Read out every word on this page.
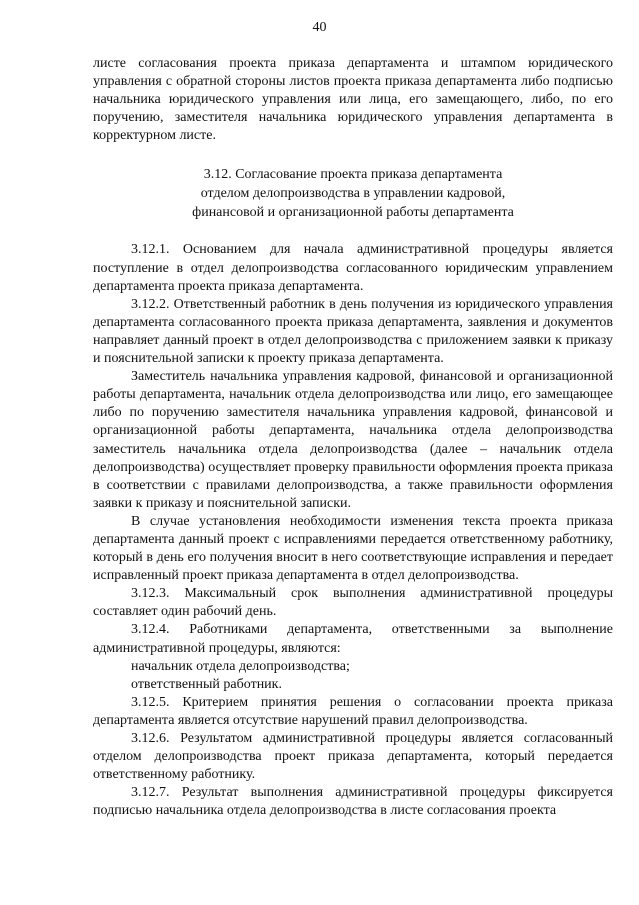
40

листе согласования проекта приказа департамента и штампом юридического управления с обратной стороны листов проекта приказа департамента либо подписью начальника юридического управления или лица, его замещающего, либо, по его поручению, заместителя начальника юридического управления департамента в корректурном листе.

3.12. Согласование проекта приказа департамента
отделом делопроизводства в управлении кадровой,
финансовой и организационной работы департамента

3.12.1. Основанием для начала административной процедуры является поступление в отдел делопроизводства согласованного юридическим управлением департамента проекта приказа департамента.

3.12.2. Ответственный работник в день получения из юридического управления департамента согласованного проекта приказа департамента, заявления и документов направляет данный проект в отдел делопроизводства с приложением заявки к приказу и пояснительной записки к проекту приказа департамента.

Заместитель начальника управления кадровой, финансовой и организационной работы департамента, начальник отдела делопроизводства или лицо, его замещающее либо по поручению заместителя начальника управления кадровой, финансовой и организационной работы департамента, начальника отдела делопроизводства заместитель начальника отдела делопроизводства (далее – начальник отдела делопроизводства) осуществляет проверку правильности оформления проекта приказа в соответствии с правилами делопроизводства, а также правильности оформления заявки к приказу и пояснительной записки.

В случае установления необходимости изменения текста проекта приказа департамента данный проект с исправлениями передается ответственному работнику, который в день его получения вносит в него соответствующие исправления и передает исправленный проект приказа департамента в отдел делопроизводства.

3.12.3. Максимальный срок выполнения административной процедуры составляет один рабочий день.

3.12.4. Работниками департамента, ответственными за выполнение административной процедуры, являются:

начальник отдела делопроизводства;

ответственный работник.

3.12.5. Критерием принятия решения о согласовании проекта приказа департамента является отсутствие нарушений правил делопроизводства.

3.12.6. Результатом административной процедуры является согласованный отделом делопроизводства проект приказа департамента, который передается ответственному работнику.

3.12.7. Результат выполнения административной процедуры фиксируется подписью начальника отдела делопроизводства в листе согласования проекта
